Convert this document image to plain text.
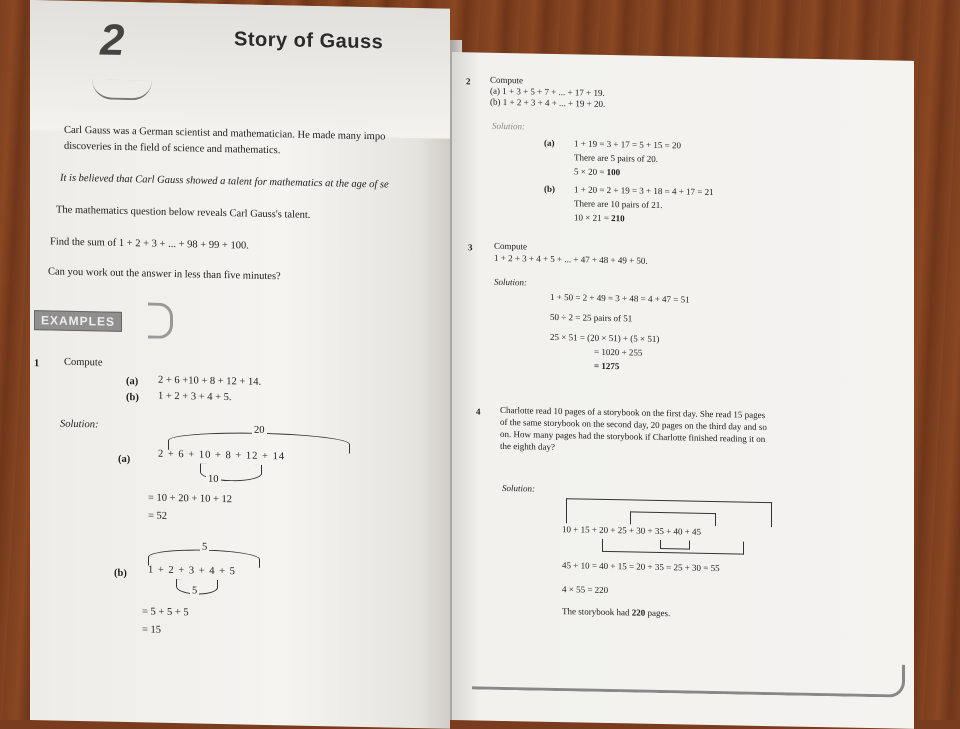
2	Story of Gauss
Carl Gauss was a German scientist and mathematician. He made many impo
discoveries in the field of science and mathematics.
It is believed that Carl Gauss showed a talent for mathematics at the age of se
The mathematics question below reveals Carl Gauss's talent.
Find the sum of 1 + 2 + 3 + ... + 98 + 99 + 100.
Can you work out the answer in less than five minutes?
EXAMPLES
1 Compute
(a) 2 + 6 +10 + 8 + 12 + 14.
(b) 1 + 2 + 3 + 4 + 5.
Solution:	20
(a)	2 + 6 + 10 + 8 + 12 + 14
10
= 10 + 20 + 10 + 12
= 52
5
(b) 1 + 2 + 3 + 4 + 5
5
= 5 + 5 + 5
= 15
2 Compute
(a) 1 + 3 + 5 + 7 + ... + 17 + 19.
(b) 1 + 2 + 3 + 4 + ... + 19 + 20.
Solution:
(a) 1 + 19 = 3 + 17 = 5 + 15 = 20
There are 5 pairs of 20.
5 × 20 = 100
(b) 1 + 20 = 2 + 19 = 3 + 18 = 4 + 17 = 21
There are 10 pairs of 21.
10 × 21 = 210
3 Compute
1 + 2 + 3 + 4 + 5 + ... + 47 + 48 + 49 + 50.
Solution:
1 + 50 = 2 + 49 = 3 + 48 = 4 + 47 = 51
50 ÷ 2 = 25 pairs of 51
25 × 51 = (20 × 51) + (5 × 51)
= 1020 + 255
= 1275
4 Charlotte read 10 pages of a storybook on the first day. She read 15 pages
of the same storybook on the second day, 20 pages on the third day and so
on. How many pages had the storybook if Charlotte finished reading it on
the eighth day?
Solution:
10 + 15 + 20 + 25 + 30 + 35 + 40 + 45
45 + 10 = 40 + 15 = 20 + 35 = 25 + 30 = 55
4 × 55 = 220
The storybook had 220 pages.
